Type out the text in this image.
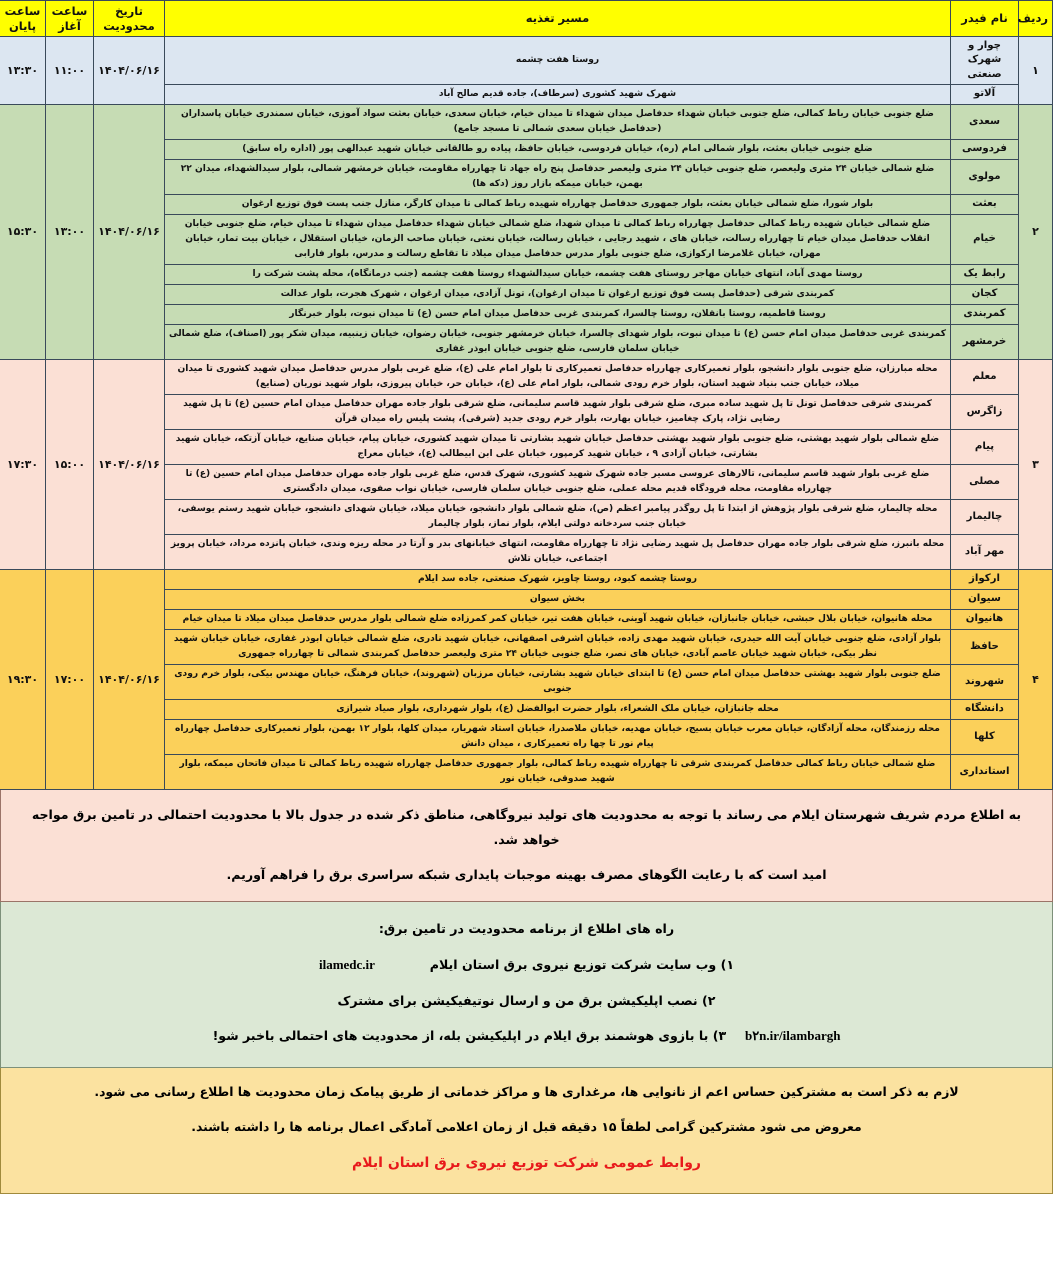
ردیف	نام فیدر	مسیر تغذیه	تاریخ محدودیت	ساعت آغاز	ساعت پایان
۱	چوار و شهرک صنعتی	روستا هفت چشمه	۱۴۰۴/۰۶/۱۶	۱۱:۰۰	۱۳:۳۰
	آلاتو	شهرک شهید کشوری (سرطاف)، جاده قدیم صالح آباد			
۲	سعدی	ضلع جنوبی خیابان رباط کمالی، ضلع جنوبی خیابان شهداء حدفاصل میدان شهداء تا میدان خیام، خیابان سعدی، خیابان بعثت سواد آموزی، خیابان سمندری خیابان پاسداران (حدفاصل خیابان سعدی شمالی تا مسجد جامع)	۱۴۰۴/۰۶/۱۶	۱۳:۰۰	۱۵:۳۰
	فردوسی	ضلع جنوبی خیابان بعثت، بلوار شمالی امام (ره)، خیابان فردوسی، خیابان حافظ، پیاده رو طالقانی خیابان شهید عبدالهی پور (اداره راه سابق)			
	مولوی	ضلع شمالی خیابان ۲۴ متری ولیعصر، ضلع جنوبی خیابان ۲۴ متری ولیعصر حدفاصل پنج راه جهاد تا چهارراه مقاومت، خیابان خرمشهر شمالی، بلوار سیدالشهداء، میدان ۲۲ بهمن، خیابان میمکه بازار روز (دکه ها)			
	بعثت	بلوار شورا، ضلع شمالی خیابان بعثت، بلوار جمهوری حدفاصل چهارراه شهیده رباط کمالی تا میدان کارگر، منازل جنب پست فوق توزیع ارغوان			
	خیام	ضلع شمالی خیابان شهیده رباط کمالی حدفاصل چهارراه رباط کمالی تا میدان شهدا، ضلع شمالی خیابان شهداء حدفاصل میدان شهداء تا میدان خیام، ضلع جنوبی خیابان انقلاب حدفاصل میدان خیام تا چهارراه رسالت، خیابان های ، شهید رجایی ، خیابان رسالت، خیابان نعتی، خیابان صاحب الزمان، خیابان استقلال ، خیابان بیت تمار، خیابان مهران، خیابان غلامرضا ارکوازی، ضلع جنوبی بلوار مدرس حدفاصل میدان میلاد تا تقاطع رسالت و مدرس، بلوار فارابی			
	رابط یک	روستا مهدی آباد، انتهای خیابان مهاجر روستای هفت چشمه، خیابان سیدالشهداء روستا هفت چشمه (جنب درمانگاه)، محله پشت شرکت را			
	کجان	کمربندی شرقی (حدفاصل پست فوق توزیع ارغوان تا میدان ارغوان)، تونل آزادی، میدان ارغوان ، شهرک هجرت، بلوار عدالت			
	کمربندی	روستا قاطمیه، روستا بانقلان، روستا چالسرا، کمربندی غربی حدفاصل میدان امام حسن (ع) تا میدان نبوت، بلوار خبرنگار			
	خرمشهر	کمربندی غربی حدفاصل میدان امام حسن (ع) تا میدان نبوت، بلوار شهدای چالسرا، خیابان خرمشهر جنوبی، خیابان رضوان، خیابان زینبیه، میدان شکر پور (اصناف)، ضلع شمالی خیابان سلمان فارسی، ضلع جنوبی خیابان ابوذر غفاری			
۳	معلم	محله مبارزان، ضلع جنوبی بلوار دانشجو، بلوار تعمیرکاری چهارراه حدفاصل تعمیرکاری تا بلوار امام علی (ع)، ضلع غربی بلوار مدرس حدفاصل میدان شهید کشوری تا میدان میلاد، خیابان جنب بنیاد شهید استان، بلوار خرم رودی شمالی، بلوار امام علی (ع)، خیابان حر، خیابان پیروزی، بلوار شهید نوریان (صنایع)	۱۴۰۴/۰۶/۱۶	۱۵:۰۰	۱۷:۳۰
	زاگرس	کمربندی شرقی حدفاصل تونل تا پل شهید ساده مبری، ضلع شرقی بلوار شهید قاسم سلیمانی، ضلع شرقی بلوار جاده مهران حدفاصل میدان امام حسین (ع) تا پل شهید رضایی نژاد، پارک چغامیز، خیابان بهارت، بلوار خرم رودی جدید (شرقی)، پشت پلیس راه میدان قرآن			
	پیام	ضلع شمالی بلوار شهید بهشتی، ضلع جنوبی بلوار شهید بهشتی حدفاصل خیابان شهید بشارتی تا میدان شهید کشوری، خیابان پیام، خیابان صنایع، خیابان آزتکه، خیابان شهید بشارتی، خیابان آزادی ۹ ، خیابان شهید کرمپور، خیابان علی ابن ابیطالب (ع)، خیابان معراج			
	مصلی	ضلع غربی بلوار شهید قاسم سلیمانی، تالارهای عروسی مسیر جاده شهرک شهید کشوری، شهرک قدس، ضلع غربی بلوار جاده مهران حدفاصل میدان امام حسین (ع) تا چهارراه مقاومت، محله فرودگاه قدیم محله عملی، ضلع جنوبی خیابان سلمان فارسی، خیابان نواب صفوی، میدان دادگستری			
	چالیمار	محله چالیمار، ضلع شرقی بلوار پژوهش از ابتدا تا پل روگذر پیامبر اعظم (ص)، ضلع شمالی بلوار دانشجو، خیابان میلاد، خیابان شهدای دانشجو، خیابان شهید رستم یوسفی، خیابان جنب سردخانه دولتی ایلام، بلوار نماز، بلوار چالیمار			
	مهر آباد	محله بانبرز، ضلع شرقی بلوار جاده مهران حدفاصل پل شهید رضایی نژاد تا چهارراه مقاومت، انتهای خیابانهای بدر و آرتا در محله ریزه وندی، خیابان پانزده مرداد، خیابان پرویز اجتماعی، خیابان تلاش			
۴	ارکواز	روستا چشمه کبود، روستا چاویز، شهرک صنعتی، جاده سد ایلام	۱۴۰۴/۰۶/۱۶	۱۷:۰۰	۱۹:۳۰
	سیوان	بخش سیوان			
	هانیوان	محله هانیوان، خیابان بلال حبشی، خیابان جانبازان، خیابان شهید آوینی، خیابان هفت تیر، خیابان کمر کمرزاده ضلع شمالی بلوار مدرس حدفاصل میدان میلاد تا میدان خیام			
	حافظ	بلوار آزادی، ضلع جنوبی خیابان آیت الله حیدری، خیابان شهید مهدی زاده، خیابان اشرفی اصفهانی، خیابان شهید نادری، ضلع شمالی خیابان ابوذر غفاری، خیابان خیابان شهید نظر بیکی، خیابان شهید خیابان عاصم آبادی، خیابان های نصر، ضلع جنوبی خیابان ۲۴ متری ولیعصر حدفاصل کمربندی شمالی تا چهارراه جمهوری			
	شهروند	ضلع جنوبی بلوار شهید بهشتی حدفاصل میدان امام حسن (ع) تا ابتدای خیابان شهید بشارتی، خیابان مرزبان (شهروند)، خیابان فرهنگ، خیابان مهندس بیکی، بلوار خرم رودی جنوبی			
	دانشگاه	محله جانبازان، خیابان ملک الشعراء، بلوار حضرت ابوالفضل (ع)، بلوار شهرداری، بلوار صیاد شیرازی			
	کلها	محله رزمندگان، محله آزادگان، خیابان معرب خیابان بسیج، خیابان مهدیه، خیابان ملاصدرا، خیابان استاد شهریار، میدان کلها، بلوار ۱۲ بهمن، بلوار تعمیرکاری حدفاصل چهارراه پیام نور تا چها راه تعمیرکاری ، میدان دانش			
	استانداری	ضلع شمالی خیابان رباط کمالی حدفاصل کمربندی شرقی تا چهارراه شهیده رباط کمالی، بلوار جمهوری حدفاصل چهارراه شهیده رباط کمالی تا میدان فاتحان میمکه، بلوار شهید صدوقی، خیابان نور			

به اطلاع مردم شریف شهرستان ایلام می رساند با توجه به محدودیت های تولید نیروگاهی، مناطق ذکر شده در جدول بالا با محدودیت احتمالی در تامین برق مواجه خواهد شد.

امید است که با رعایت الگوهای مصرف بهینه موجبات پایداری شبکه سراسری برق را فراهم آوریم.

راه های اطلاع از برنامه محدودیت در تامین برق:

۱) وب سایت شرکت توزیع نیروی برق استان ایلام  ilamedc.ir

۲) نصب اپلیکیشن برق من و ارسال نوتیفیکیشن برای مشترک

b۲n.ir/ilambargh  ۳) با بازوی هوشمند برق ایلام در اپلیکیشن بله، از محدودیت های احتمالی باخبر شو!

لازم به ذکر است به مشترکین حساس اعم از نانوایی ها، مرغداری ها و مراکز خدماتی از طریق پیامک زمان محدودیت ها اطلاع رسانی می شود.

معروض می شود مشترکین گرامی لطفاً ۱۵ دقیقه قبل از زمان اعلامی آمادگی اعمال برنامه ها را داشته باشند.

روابط عمومی شرکت توزیع نیروی برق استان ایلام
